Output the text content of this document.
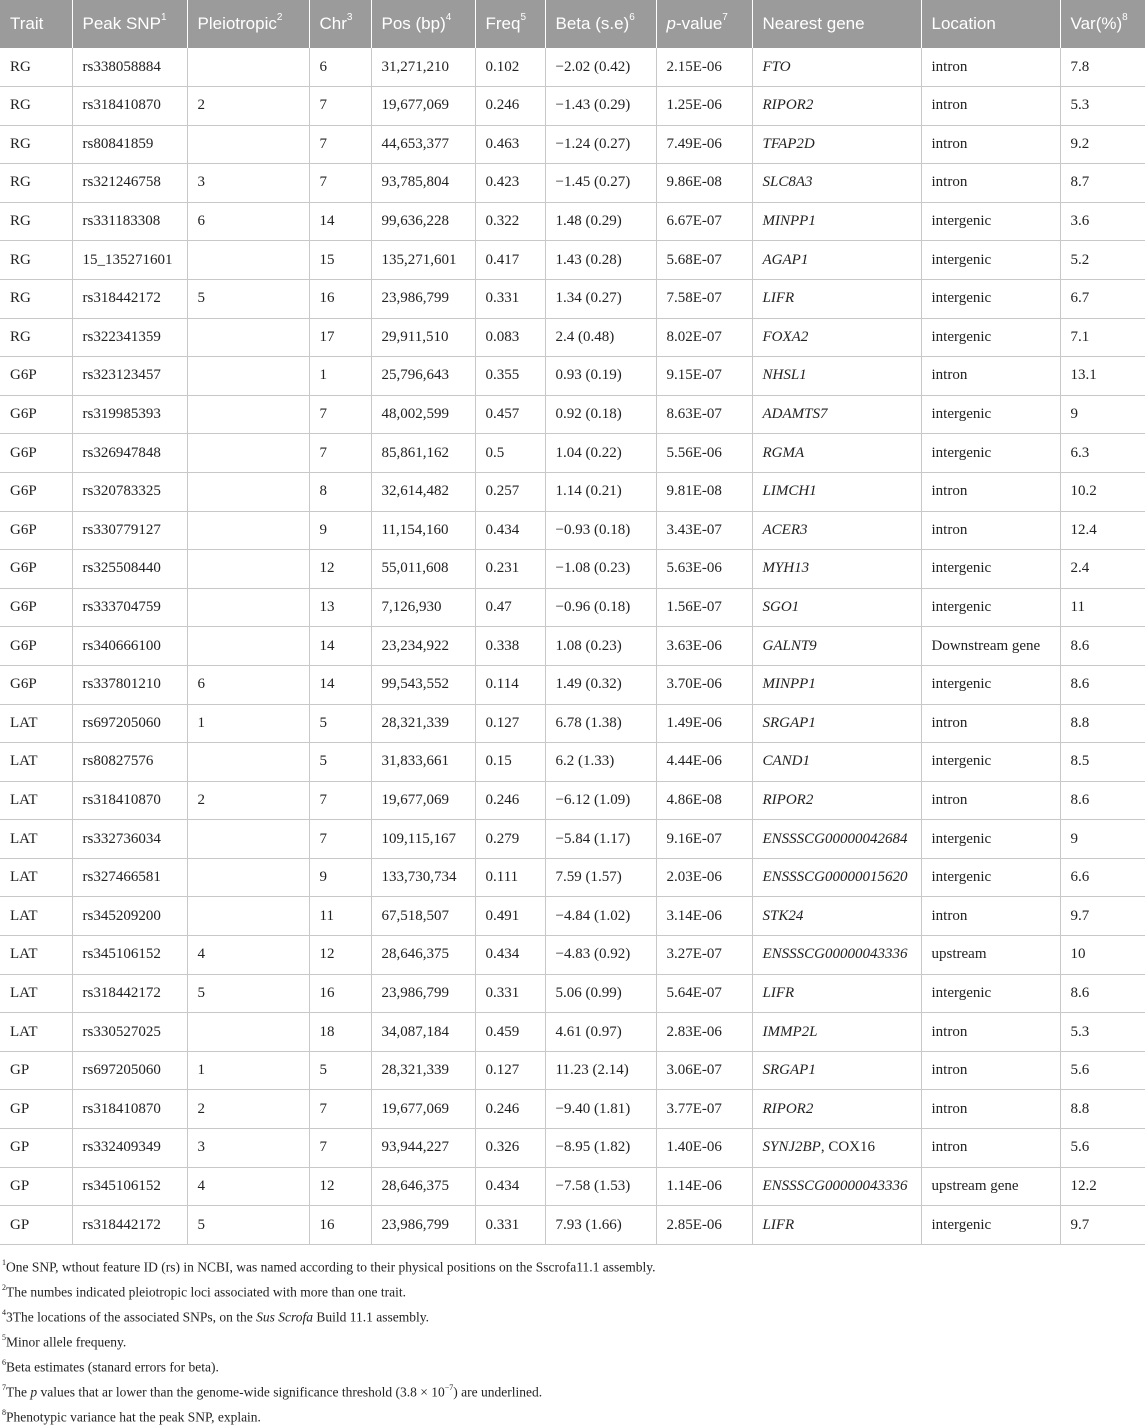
Trait	Peak SNP$^1$	Pleiotropic$^2$	Chr$^3$	Pos (bp)$^4$	Freq$^5$	Beta $(s.e)^6$	p-value$^7$	Nearest gene	Location	Var(%)$^8$
RG	rs338058884		6	31,271,210	0.102	−2.02 (0.42)	2.15E-06	FTO	intron	7.8
RG	rs318410870	2	7	19,677,069	0.246	−1.43 (0.29)	1.25E-06	RIPOR2	intron	5.3
RG	rs80841859		7	44,653,377	0.463	−1.24 (0.27)	7.49E-06	TFAP2D	intron	9.2
RG	rs321246758	3	7	93,785,804	0.423	−1.45 (0.27)	9.86E-08	SLC8A3	intron	8.7
RG	rs331183308	6	14	99,636,228	0.322	1.48 (0.29)	6.67E-07	MINPP1	intergenic	3.6
RG	15_135271601		15	135,271,601	0.417	1.43 (0.28)	5.68E-07	AGAP1	intergenic	5.2
RG	rs318442172	5	16	23,986,799	0.331	1.34 (0.27)	7.58E-07	LIFR	intergenic	6.7
RG	rs322341359		17	29,911,510	0.083	2.4 (0.48)	8.02E-07	FOXA2	intergenic	7.1
G6P	rs323123457		1	25,796,643	0.355	0.93 (0.19)	9.15E-07	NHSL1	intron	13.1
G6P	rs319985393		7	48,002,599	0.457	0.92 (0.18)	8.63E-07	ADAMTS7	intergenic	9
G6P	rs326947848		7	85,861,162	0.5	1.04 (0.22)	5.56E-06	RGMA	intergenic	6.3
G6P	rs320783325		8	32,614,482	0.257	1.14 (0.21)	9.81E-08	LIMCH1	intron	10.2
G6P	rs330779127		9	11,154,160	0.434	−0.93 (0.18)	3.43E-07	ACER3	intron	12.4
G6P	rs325508440		12	55,011,608	0.231	−1.08 (0.23)	5.63E-06	MYH13	intergenic	2.4
G6P	rs333704759		13	7,126,930	0.47	−0.96 (0.18)	1.56E-07	SGO1	intergenic	11
G6P	rs340666100		14	23,234,922	0.338	1.08 (0.23)	3.63E-06	GALNT9	Downstream gene	8.6
G6P	rs337801210	6	14	99,543,552	0.114	1.49 (0.32)	3.70E-06	MINPP1	intergenic	8.6
LAT	rs697205060	1	5	28,321,339	0.127	6.78 (1.38)	1.49E-06	SRGAP1	intron	8.8
LAT	rs80827576		5	31,833,661	0.15	6.2 (1.33)	4.44E-06	CAND1	intergenic	8.5
LAT	rs318410870	2	7	19,677,069	0.246	−6.12 (1.09)	4.86E-08	RIPOR2	intron	8.6
LAT	rs332736034		7	109,115,167	0.279	−5.84 (1.17)	9.16E-07	ENSSSCG00000042684	intergenic	9
LAT	rs327466581		9	133,730,734	0.111	7.59 (1.57)	2.03E-06	ENSSSCG00000015620	intergenic	6.6
LAT	rs345209200		11	67,518,507	0.491	−4.84 (1.02)	3.14E-06	STK24	intron	9.7
LAT	rs345106152	4	12	28,646,375	0.434	−4.83 (0.92)	3.27E-07	ENSSSCG00000043336	upstream	10
LAT	rs318442172	5	16	23,986,799	0.331	5.06 (0.99)	5.64E-07	LIFR	intergenic	8.6
LAT	rs330527025		18	34,087,184	0.459	4.61 (0.97)	2.83E-06	IMMP2L	intron	5.3
GP	rs697205060	1	5	28,321,339	0.127	11.23 (2.14)	3.06E-07	SRGAP1	intron	5.6
GP	rs318410870	2	7	19,677,069	0.246	−9.40 (1.81)	3.77E-07	RIPOR2	intron	8.8
GP	rs332409349	3	7	93,944,227	0.326	−8.95 (1.82)	1.40E-06	SYNJ2BP, COX16	intron	5.6
GP	rs345106152	4	12	28,646,375	0.434	−7.58 (1.53)	1.14E-06	ENSSSCG00000043336	upstream gene	12.2
GP	rs318442172	5	16	23,986,799	0.331	7.93 (1.66)	2.85E-06	LIFR	intergenic	9.7
$^1$One SNP, wthout feature ID (rs) in NCBI, was named according to their physical positions on the Sscrofa11.1 assembly.
$^2$The numbes indicated pleiotropic loci associated with more than one trait.
$^4$3The locations of the associated SNPs, on the Sus Scrofa Build 11.1 assembly.
$^5$Minor allele frequeny.
$^6$Beta estimates (stanard errors for beta).
$^7$The p values that ar lower than the genome-wide significance threshold $(3.8 \times 10^{-7})$ are underlined.
$^8$Phenotypic variance hat the peak SNP, explain.
